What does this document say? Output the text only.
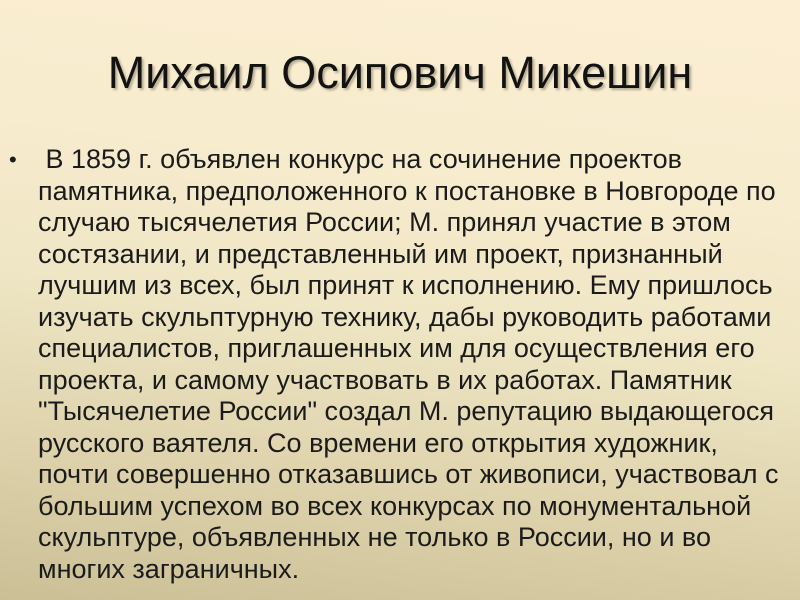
Михаил Осипович Микешин
• В 1859 г. объявлен конкурс на сочинение проектов
памятника, предположенного к постановке в Новгороде по
случаю тысячелетия России; М. принял участие в этом
состязании, и представленный им проект, признанный
лучшим из всех, был принят к исполнению. Ему пришлось
изучать скульптурную технику, дабы руководить работами
специалистов, приглашенных им для осуществления его
проекта, и самому участвовать в их работах. Памятник
"Тысячелетие России" создал М. репутацию выдающегося
русского ваятеля. Со времени его открытия художник,
почти совершенно отказавшись от живописи, участвовал с
большим успехом во всех конкурсах по монументальной
скульптуре, объявленных не только в России, но и во
многих заграничных.
